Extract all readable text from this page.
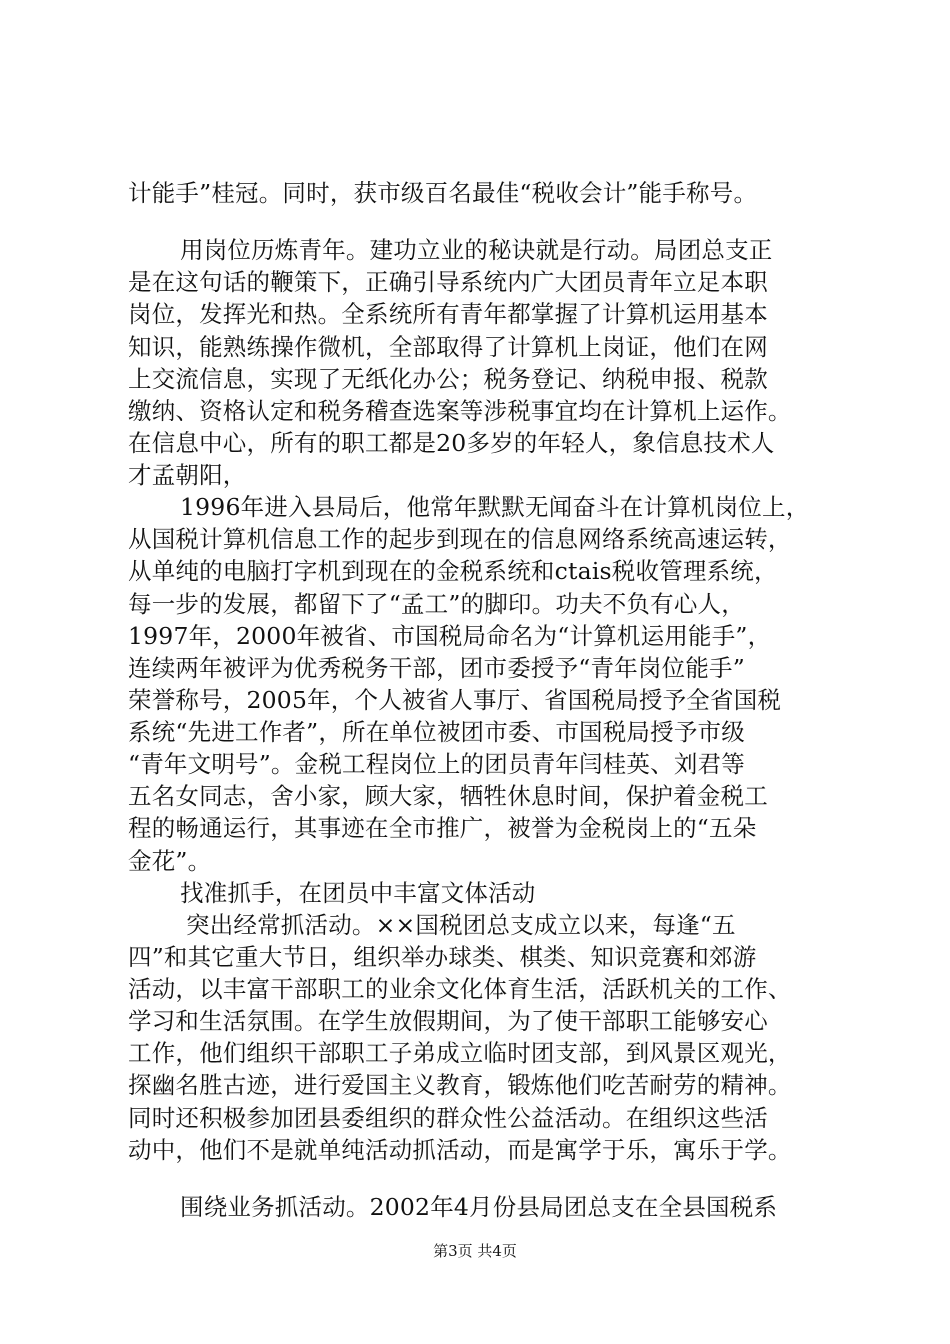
计能手”桂冠。同时，获市级百名最佳“税收会计”能手称号。
用岗位历炼青年。建功立业的秘诀就是行动。局团总支正
是在这句话的鞭策下，正确引导系统内广大团员青年立足本职
岗位，发挥光和热。全系统所有青年都掌握了计算机运用基本
知识，能熟练操作微机，全部取得了计算机上岗证，他们在网
上交流信息，实现了无纸化办公；税务登记、纳税申报、税款
缴纳、资格认定和税务稽查选案等涉税事宜均在计算机上运作。
在信息中心，所有的职工都是20多岁的年轻人，象信息技术人
才孟朝阳，
1996年进入县局后，他常年默默无闻奋斗在计算机岗位上，
从国税计算机信息工作的起步到现在的信息网络系统高速运转，
从单纯的电脑打字机到现在的金税系统和ctais税收管理系统，
每一步的发展，都留下了“孟工”的脚印。功夫不负有心人，
1997年，2000年被省、市国税局命名为“计算机运用能手”，
连续两年被评为优秀税务干部，团市委授予“青年岗位能手”
荣誉称号，2005年，个人被省人事厅、省国税局授予全省国税
系统“先进工作者”，所在单位被团市委、市国税局授予市级
“青年文明号”。金税工程岗位上的团员青年闫桂英、刘君等
五名女同志，舍小家，顾大家，牺牲休息时间，保护着金税工
程的畅通运行，其事迹在全市推广，被誉为金税岗上的“五朵
金花”。
找准抓手，在团员中丰富文体活动
突出经常抓活动。××国税团总支成立以来，每逢“五
四”和其它重大节日，组织举办球类、棋类、知识竞赛和郊游
活动，以丰富干部职工的业余文化体育生活，活跃机关的工作、
学习和生活氛围。在学生放假期间，为了使干部职工能够安心
工作，他们组织干部职工子弟成立临时团支部，到风景区观光，
探幽名胜古迹，进行爱国主义教育，锻炼他们吃苦耐劳的精神。
同时还积极参加团县委组织的群众性公益活动。在组织这些活
动中，他们不是就单纯活动抓活动，而是寓学于乐，寓乐于学。
围绕业务抓活动。2002年4月份县局团总支在全县国税系
第3页 共4页
